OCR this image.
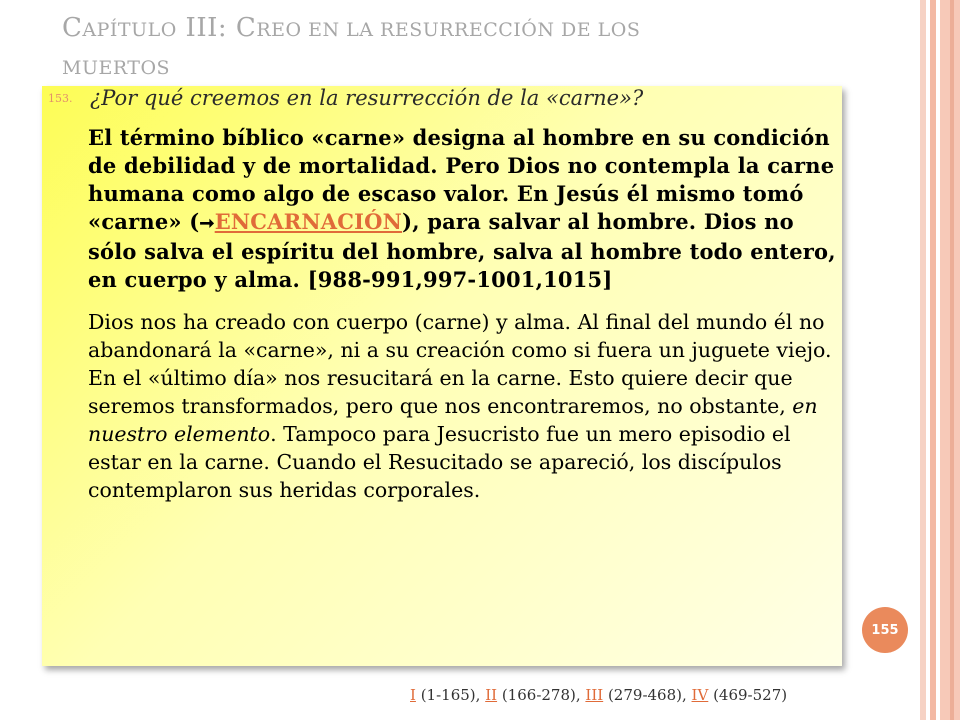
CAPÍTULO III: CREO EN LA RESURRECCIÓN DE LOS
MUERTOS
153. ¿Por qué creemos en la resurrección de la «carne»?
El término bíblico «carne» designa al hombre en su condición de debilidad y de mortalidad. Pero Dios no contempla la carne humana como algo de escaso valor. En Jesús él mismo tomó «carne» (➞ENCARNACIÓN), para salvar al hombre. Dios no sólo salva el espíritu del hombre, salva al hombre todo entero, en cuerpo y alma. [988-991,997-1001,1015]
Dios nos ha creado con cuerpo (carne) y alma. Al final del mundo él no abandonará la «carne», ni a su creación como si fuera un juguete viejo. En el «último día» nos resucitará en la carne. Esto quiere decir que seremos transformados, pero que nos encontraremos, no obstante, en nuestro elemento. Tampoco para Jesucristo fue un mero episodio el estar en la carne. Cuando el Resucitado se apareció, los discípulos contemplaron sus heridas corporales.
155
I (1-165), II (166-278), III (279-468), IV (469-527)
